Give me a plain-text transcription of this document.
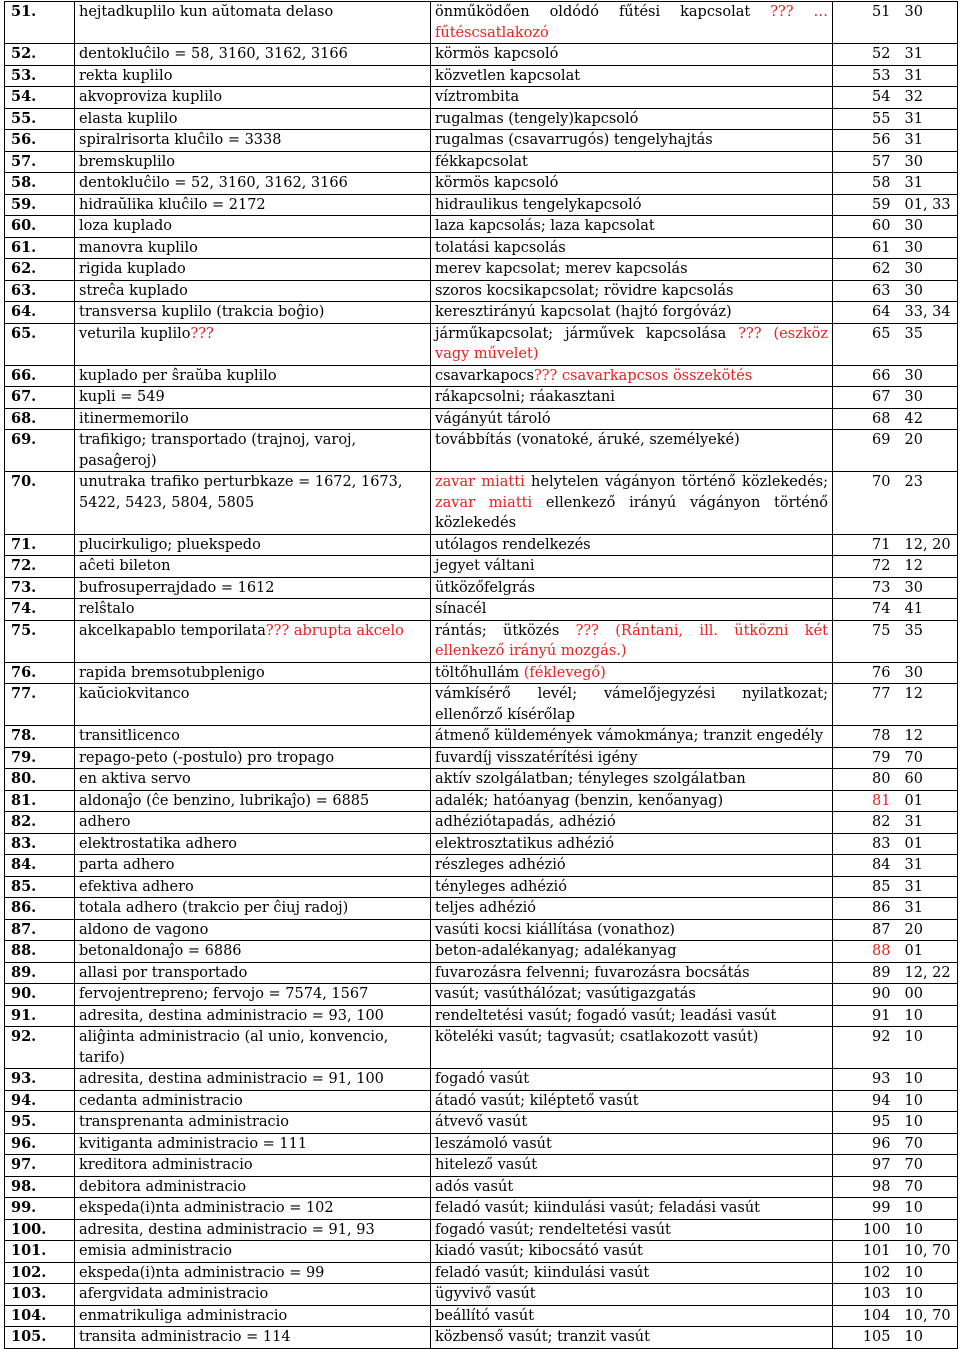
51.	hejtadkuplilo kun aŭtomata delaso	önműködően oldódó fűtési kapcsolat ??? … fűtéscsatlakozó	51	30
52.	dentokluĉilo = 58, 3160, 3162, 3166	körmös kapcsoló	52	31
53.	rekta kuplilo	közvetlen kapcsolat	53	31
54.	akvoproviza kuplilo	víztrombita	54	32
55.	elasta kuplilo	rugalmas (tengely)kapcsoló	55	31
56.	spiralrisorta kluĉilo = 3338	rugalmas (csavarrugós) tengelyhajtás	56	31
57.	bremskuplilo	fékkapcsolat	57	30
58.	dentokluĉilo = 52, 3160, 3162, 3166	körmös kapcsoló	58	31
59.	hidraŭlika kluĉilo = 2172	hidraulikus tengelykapcsoló	59	01, 33
60.	loza kuplado	laza kapcsolás; laza kapcsolat	60	30
61.	manovra kuplilo	tolatási kapcsolás	61	30
62.	rigida kuplado	merev kapcsolat; merev kapcsolás	62	30
63.	streĉa kuplado	szoros kocsikapcsolat; rövidre kapcsolás	63	30
64.	transversa kuplilo (trakcia boĝio)	keresztirányú kapcsolat (hajtó forgóváz)	64	33, 34
65.	veturila kuplilo???	járműkapcsolat; járművek kapcsolása ??? (eszköz vagy művelet)	65	35
66.	kuplado per ŝraŭba kuplilo	csavarkapocs??? csavarkapcsos összekötés	66	30
67.	kupli = 549	rákapcsolni; ráakasztani	67	30
68.	itinermemorilo	vágányút tároló	68	42
69.	trafikigo; transportado (trajnoj, varoj, pasaĝeroj)	továbbítás (vonatoké, áruké, személyeké)	69	20
70.	unutraka trafiko perturbkaze = 1672, 1673, 5422, 5423, 5804, 5805	zavar miatti helytelen vágányon történő közlekedés; zavar miatti ellenkező irányú vágányon történő közlekedés	70	23
71.	plucirkuligo; pluekspedo	utólagos rendelkezés	71	12, 20
72.	aĉeti bileton	jegyet váltani	72	12
73.	bufrosuperrajdado = 1612	ütközőfelgrás	73	30
74.	relŝtalo	sínacél	74	41
75.	akcelkapablo temporilata??? abrupta akcelo	rántás; ütközés ??? (Rántani, ill. ütközni két ellenkező irányú mozgás.)	75	35
76.	rapida bremsotubplenigo	töltőhullám (féklevegő)	76	30
77.	kaŭciokvitanco	vámkísérő levél; vámelőjegyzési nyilatkozat; ellenőrző kísérőlap	77	12
78.	transitlicenco	átmenő küldemények vámokmánya; tranzit engedély	78	12
79.	repago-peto (-postulo) pro tropago	fuvardíj visszatérítési igény	79	70
80.	en aktiva servo	aktív szolgálatban; tényleges szolgálatban	80	60
81.	aldonaĵo (ĉe benzino, lubrikaĵo) = 6885	adalék; hatóanyag (benzin, kenőanyag)	81	01
82.	adhero	adhéziótapadás, adhézió	82	31
83.	elektrostatika adhero	elektrosztatikus adhézió	83	01
84.	parta adhero	részleges adhézió	84	31
85.	efektiva adhero	tényleges adhézió	85	31
86.	totala adhero (trakcio per ĉiuj radoj)	teljes adhézió	86	31
87.	aldono de vagono	vasúti kocsi kiállítása (vonathoz)	87	20
88.	betonaldonaĵo = 6886	beton-adalékanyag; adalékanyag	88	01
89.	allasi por transportado	fuvarozásra felvenni; fuvarozásra bocsátás	89	12, 22
90.	fervojentrepreno; fervojo = 7574, 1567	vasút; vasúthálózat; vasútigazgatás	90	00
91.	adresita, destina administracio = 93, 100	rendeltetési vasút; fogadó vasút; leadási vasút	91	10
92.	aliĝinta administracio (al unio, konvencio, tarifo)	köteléki vasút; tagvasút; csatlakozott vasút)	92	10
93.	adresita, destina administracio = 91, 100	fogadó vasút	93	10
94.	cedanta administracio	átadó vasút; kiléptető vasút	94	10
95.	transprenanta administracio	átvevő vasút	95	10
96.	kvitiganta administracio = 111	leszámoló vasút	96	70
97.	kreditora administracio	hitelező vasút	97	70
98.	debitora administracio	adós vasút	98	70
99.	ekspeda(i)nta administracio = 102	feladó vasút; kiindulási vasút; feladási vasút	99	10
100.	adresita, destina administracio = 91, 93	fogadó vasút; rendeltetési vasút	100	10
101.	emisia administracio	kiadó vasút; kibocsátó vasút	101	10, 70
102.	ekspeda(i)nta administracio = 99	feladó vasút; kiindulási vasút	102	10
103.	afergvidata administracio	ügyvivő vasút	103	10
104.	enmatrikuliga administracio	beállító vasút	104	10, 70
105.	transita administracio = 114	közbenső vasút; tranzit vasút	105	10
